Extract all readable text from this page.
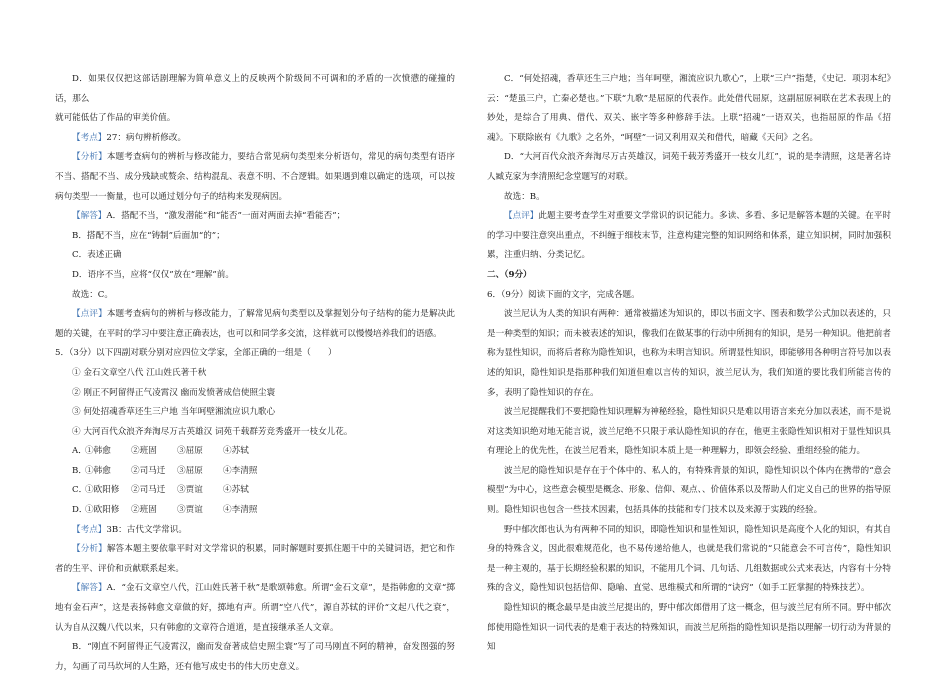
D．如果仅仅把这部话剧理解为简单意义上的反映两个阶级间不可调和的矛盾的一次愤懑的碰撞的话，那么

就可能低估了作品的审美价值。

【考点】27：病句辨析修改。

【分析】本题考查病句的辨析与修改能力，要结合常见病句类型来分析语句，常见的病句类型有语序不当、搭配不当、成分残缺或赘余、结构混乱、表意不明、不合逻辑。如果遇到难以确定的选项，可以按病句类型一一衡量，也可以通过划分句子的结构来发现病因。

【解答】A．搭配不当，“激发潜能”和“能否”一面对两面去掉“看能否”；

B．搭配不当，应在“铸制”后面加“的”；

C．表述正确

D．语序不当，应将“仅仅”放在“理解”前。

故选：C。

【点评】本题考查病句的辨析与修改能力，了解常见病句类型以及掌握划分句子结构的能力是解决此题的关键，在平时的学习中要注意正确表达，也可以和同学多交流，这样就可以慢慢培养我们的语感。

5．（3分）以下四副对联分别对应四位文学家，全部正确的一组是（　　）

① 金石文章空八代 江山姓氏著千秋

② 刚正不阿留得正气凌霄汉 幽而发愤著成信使照尘寰

③ 何处招魂香草还生三户地 当年呵壁湘流应识九歌心

④ 大河百代众浪齐奔淘尽万古英雄汉 词苑千载群芳竞秀盛开一枝女儿花。

A．
①韩愈	②班固	③屈原	④苏轼
B．
①韩愈	②司马迁	③屈原	④李清照
C．
①欧阳修	②司马迁	③贾谊	④苏轼
D．
①欧阳修	②班固	③贾谊	④李清照

【考点】3B：古代文学常识。

【分析】解答本题主要依靠平时对文学常识的积累，同时解题时要抓住题干中的关键词语，把它和作者的生平、评价和贡献联系起来。

【解答】A．“金石文章空八代，江山姓氏著千秋”是歌颂韩愈。所谓“金石文章”，是指韩愈的文章“掷地有金石声”，这是表扬韩愈文章做的好，掷地有声。所谓“空八代”，源自苏轼的评价“文起八代之衰”，认为自从汉魏八代以来，只有韩愈的文章符合道道，是直接继承圣人文章。

B．“刚直不阿留得正气凌霄汉，幽而发奋著成信史照尘寰”写了司马刚直不阿的精神，奋发图强的努力，勾画了司马坎坷的人生路，还有他写成史书的伟大历史意义。

C．“何处招魂，香草还生三户地；当年呵壁，湘流应识九歌心”，上联“三户”指楚，《史记．项羽本纪》云：“楚虽三户，亡秦必楚也。”下联“九歌”是屈原的代表作。此处借代屈原，这副屈原祠联在艺术表现上的妙处，是综合了用典、借代、双关、嵌字等多种修辞手法。上联“招魂”一语双关，也指屈原的作品《招魂》。下联除嵌有《九歌》之名外，“呵壁”一词又利用双关和借代，暗藏《天问》之名。

D．“大河百代众浪齐奔淘尽万古英雄汉，词苑千载芳秀盛开一枝女儿红”，说的是李清照，这是著名诗人臧克家为李清照纪念堂题写的对联。

故选：B。

【点评】此题主要考查学生对重要文学常识的识记能力。多读、多看、多记是解答本题的关键。在平时的学习中要注意突出重点，不纠缠于细枝末节，注意构建完整的知识网络和体系，建立知识树，同时加强积累，注重归纳、分类记忆。

二、（9分）

6．（9分）阅读下面的文字，完成各题。

波兰尼认为人类的知识有两种：通常被描述为知识的，即以书面文字、图表和数学公式加以表述的，只是一种类型的知识；而未被表述的知识，像我们在做某事的行动中所拥有的知识，是另一种知识。他把前者称为显性知识，而将后者称为隐性知识，也称为未明言知识。所谓显性知识，即能够用各种明言符号加以表述的知识，隐性知识是指那种我们知道但难以言传的知识，波兰尼认为，我们知道的要比我们所能言传的多，表明了隐性知识的存在。

波兰尼提醒我们不要把隐性知识理解为神秘经验，隐性知识只是难以用语言来充分加以表述，而不是说对这类知识绝对地无能言说，波兰尼绝不只限于承认隐性知识的存在，他更主张隐性知识相对于显性知识具有理论上的优先性，在波兰尼看来，隐性知识本质上是一种理解力，即领会经验、重组经验的能力。

波兰尼的隐性知识是存在于个体中的、私人的，有特殊背景的知识，隐性知识以个体内在携带的“意会模型”为中心，这些意会模型是概念、形象、信仰、观点、、价值体系以及帮助人们定义自己的世界的指导原则。隐性知识也包含一些技术因素，包括具体的技能和专门技术以及来源于实践的经验。

野中郁次郎也认为有两种不同的知识，即隐性知识和显性知识，隐性知识是高度个人化的知识，有其自身的特殊含义，因此很难规范化，也不易传递给他人，也就是我们常说的“只能意会不可言传”，隐性知识是一种主观的，基于长期经验积累的知识，不能用几个词、几句话、几组数据或公式来表达，内容有十分特殊的含义，隐性知识包括信仰、隐喻、直觉、思维模式和所谓的“诀窍”（如手工匠掌握的特殊技艺）。

隐性知识的概念最早是由波兰尼提出的，野中郁次郎借用了这一概念，但与波兰尼有所不同。野中郁次郎使用隐性知识一词代表的是难于表达的特殊知识，而波兰尼所指的隐性知识是指以理解一切行动为背景的知
